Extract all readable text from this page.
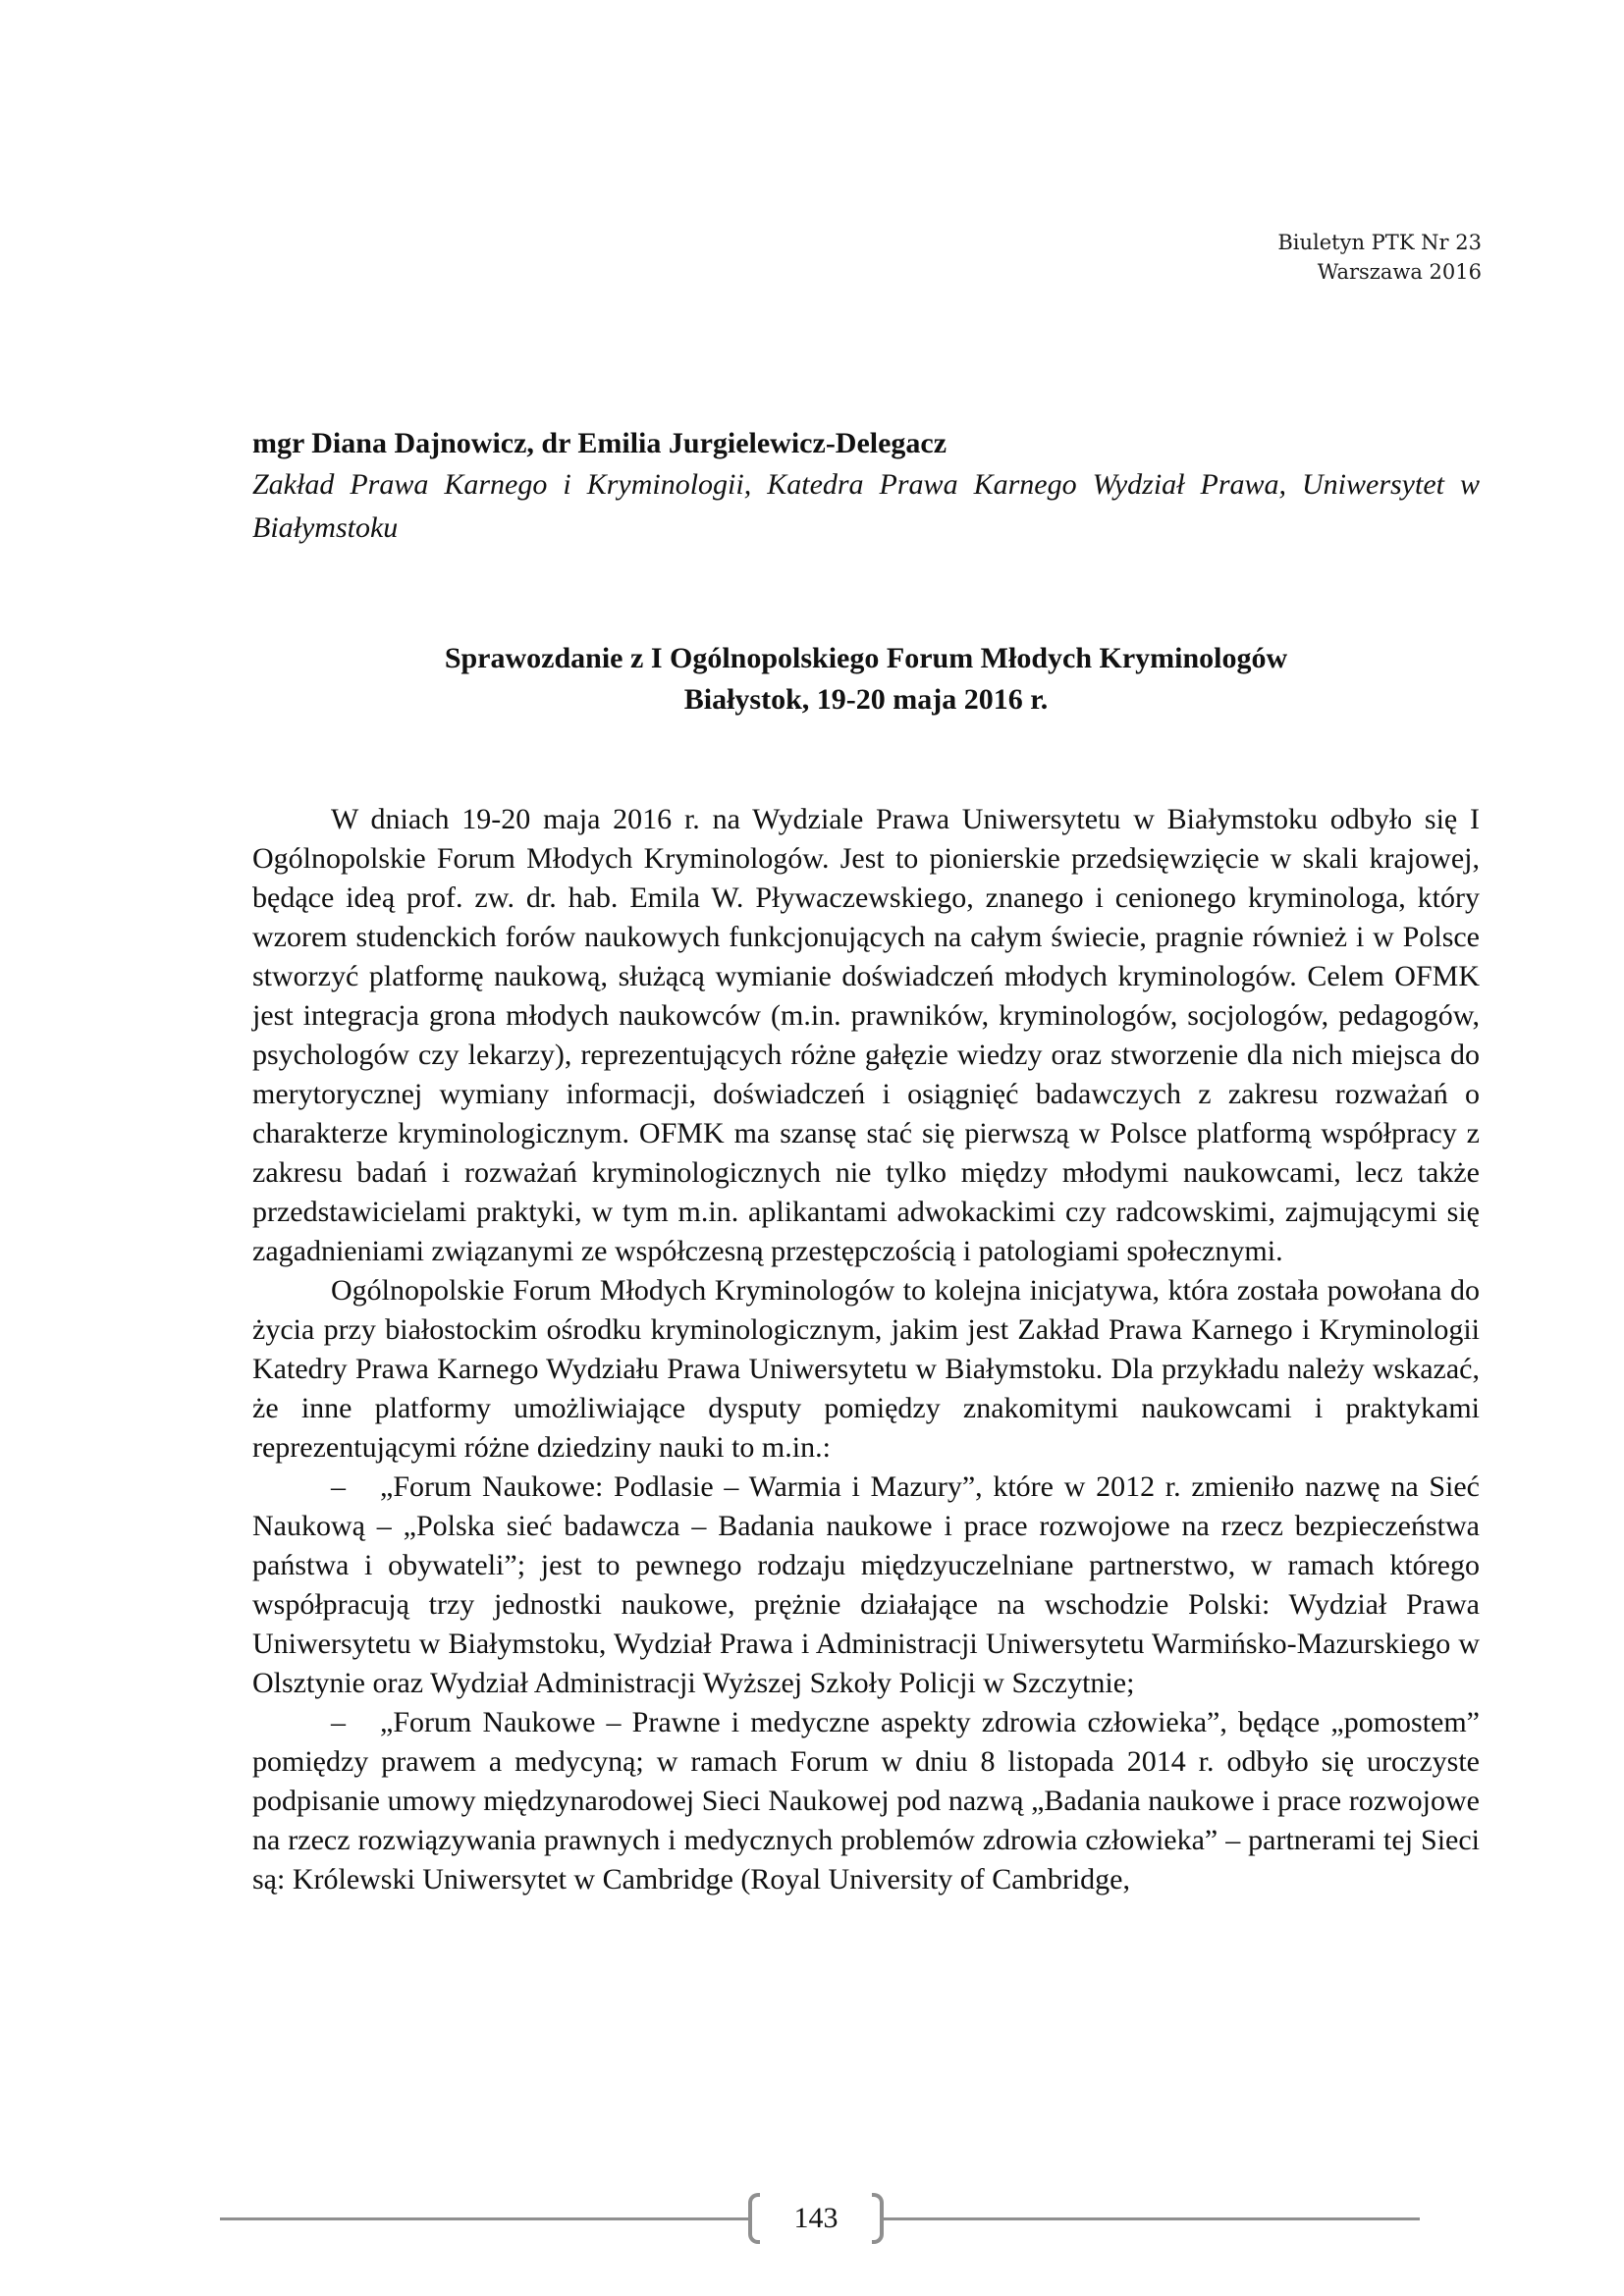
Biuletyn PTK Nr 23
Warszawa 2016

mgr Diana Dajnowicz, dr Emilia Jurgielewicz-Delegacz

Zakład Prawa Karnego i Kryminologii, Katedra Prawa Karnego Wydział Prawa, Uniwersytet w Białymstoku

Sprawozdanie z I Ogólnopolskiego Forum Młodych Kryminologów
Białystok, 19-20 maja 2016 r.

W dniach 19-20 maja 2016 r. na Wydziale Prawa Uniwersytetu w Białymstoku odbyło się I Ogólnopolskie Forum Młodych Kryminologów. Jest to pionierskie przedsięwzięcie w skali krajowej, będące ideą prof. zw. dr. hab. Emila W. Pływaczewskiego, znanego i cenionego kryminologa, który wzorem studenckich forów naukowych funkcjonujących na całym świecie, pragnie również i w Polsce stworzyć platformę naukową, służącą wymianie doświadczeń młodych kryminologów. Celem OFMK jest integracja grona młodych naukowców (m.in. prawników, kryminologów, socjologów, pedagogów, psychologów czy lekarzy), reprezentujących różne gałęzie wiedzy oraz stworzenie dla nich miejsca do merytorycznej wymiany informacji, doświadczeń i osiągnięć badawczych z zakresu rozważań o charakterze kryminologicznym. OFMK ma szansę stać się pierwszą w Polsce platformą współpracy z zakresu badań i rozważań kryminologicznych nie tylko między młodymi naukowcami, lecz także przedstawicielami praktyki, w tym m.in. aplikantami adwokackimi czy radcowskimi, zajmującymi się zagadnieniami związanymi ze współczesną przestępczością i patologiami społecznymi.

Ogólnopolskie Forum Młodych Kryminologów to kolejna inicjatywa, która została powołana do życia przy białostockim ośrodku kryminologicznym, jakim jest Zakład Prawa Karnego i Kryminologii Katedry Prawa Karnego Wydziału Prawa Uniwersytetu w Białymstoku. Dla przykładu należy wskazać, że inne platformy umożliwiające dysputy pomiędzy znakomitymi naukowcami i praktykami reprezentującymi różne dziedziny nauki to m.in.:

– „Forum Naukowe: Podlasie – Warmia i Mazury”, które w 2012 r. zmieniło nazwę na Sieć Naukową – „Polska sieć badawcza – Badania naukowe i prace rozwojowe na rzecz bezpieczeństwa państwa i obywateli”; jest to pewnego rodzaju międzyuczelniane partnerstwo, w ramach którego współpracują trzy jednostki naukowe, prężnie działające na wschodzie Polski: Wydział Prawa Uniwersytetu w Białymstoku, Wydział Prawa i Administracji Uniwersytetu Warmińsko-Mazurskiego w Olsztynie oraz Wydział Administracji Wyższej Szkoły Policji w Szczytnie;

– „Forum Naukowe – Prawne i medyczne aspekty zdrowia człowieka”, będące „pomostem” pomiędzy prawem a medycyną; w ramach Forum w dniu 8 listopada 2014 r. odbyło się uroczyste podpisanie umowy międzynarodowej Sieci Naukowej pod nazwą „Badania naukowe i prace rozwojowe na rzecz rozwiązywania prawnych i medycznych problemów zdrowia człowieka” – partnerami tej Sieci są: Królewski Uniwersytet w Cambridge (Royal University of Cambridge,

143
